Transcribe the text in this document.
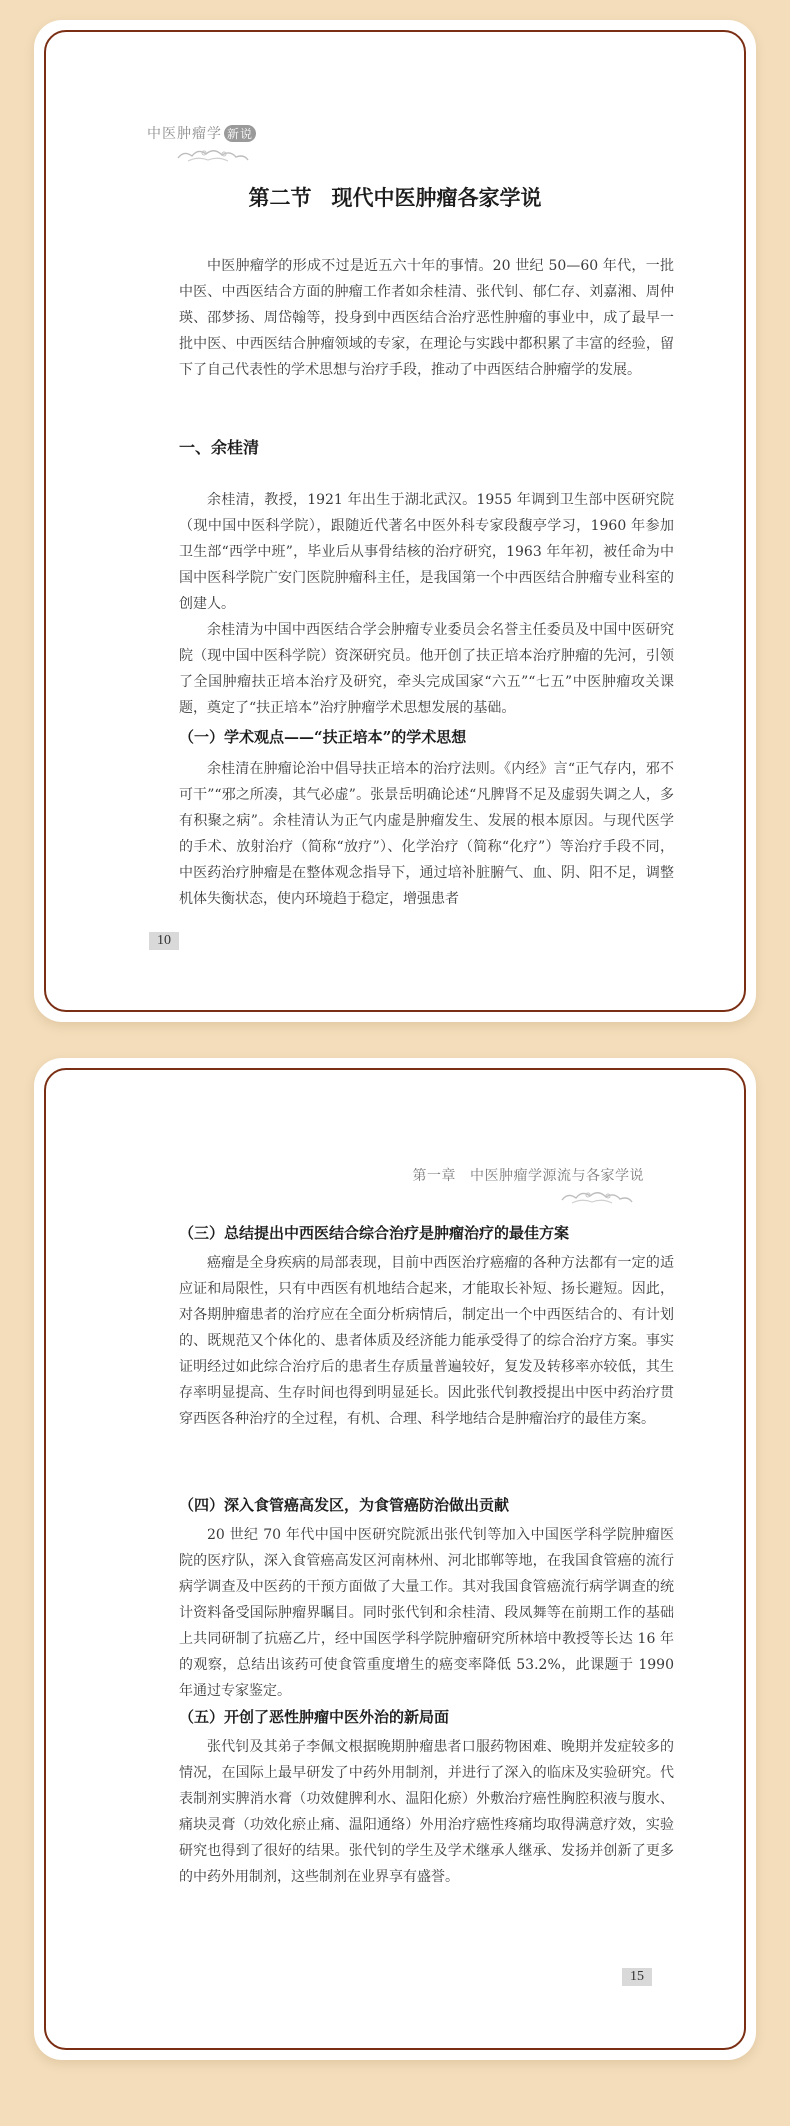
中医肿瘤学 新说
第二节 现代中医肿瘤各家学说

中医肿瘤学的形成不过是近五六十年的事情。20 世纪 50—60 年代，一批中医、中西医结合方面的肿瘤工作者如余桂清、张代钊、郁仁存、刘嘉湘、周仲瑛、邵梦扬、周岱翰等，投身到中西医结合治疗恶性肿瘤的事业中，成了最早一批中医、中西医结合肿瘤领域的专家，在理论与实践中都积累了丰富的经验，留下了自己代表性的学术思想与治疗手段，推动了中西医结合肿瘤学的发展。

一、余桂清

余桂清，教授，1921 年出生于湖北武汉。1955 年调到卫生部中医研究院（现中国中医科学院），跟随近代著名中医外科专家段馥亭学习，1960 年参加卫生部“西学中班”，毕业后从事骨结核的治疗研究，1963 年年初，被任命为中国中医科学院广安门医院肿瘤科主任，是我国第一个中西医结合肿瘤专业科室的创建人。

余桂清为中国中西医结合学会肿瘤专业委员会名誉主任委员及中国中医研究院（现中国中医科学院）资深研究员。他开创了扶正培本治疗肿瘤的先河，引领了全国肿瘤扶正培本治疗及研究，牵头完成国家“六五”“七五”中医肿瘤攻关课题，奠定了“扶正培本”治疗肿瘤学术思想发展的基础。

（一）学术观点——“扶正培本”的学术思想

余桂清在肿瘤论治中倡导扶正培本的治疗法则。《内经》言“正气存内，邪不可干”“邪之所凑，其气必虚”。张景岳明确论述“凡脾肾不足及虚弱失调之人，多有积聚之病”。余桂清认为正气内虚是肿瘤发生、发展的根本原因。与现代医学的手术、放射治疗（简称“放疗”）、化学治疗（简称“化疗”）等治疗手段不同，中医药治疗肿瘤是在整体观念指导下，通过培补脏腑气、血、阴、阳不足，调整机体失衡状态，使内环境趋于稳定，增强患者

10
第一章 中医肿瘤学源流与各家学说
（三）总结提出中西医结合综合治疗是肿瘤治疗的最佳方案

癌瘤是全身疾病的局部表现，目前中西医治疗癌瘤的各种方法都有一定的适应证和局限性，只有中西医有机地结合起来，才能取长补短、扬长避短。因此，对各期肿瘤患者的治疗应在全面分析病情后，制定出一个中西医结合的、有计划的、既规范又个体化的、患者体质及经济能力能承受得了的综合治疗方案。事实证明经过如此综合治疗后的患者生存质量普遍较好，复发及转移率亦较低，其生存率明显提高、生存时间也得到明显延长。因此张代钊教授提出中医中药治疗贯穿西医各种治疗的全过程，有机、合理、科学地结合是肿瘤治疗的最佳方案。

（四）深入食管癌高发区，为食管癌防治做出贡献

20 世纪 70 年代中国中医研究院派出张代钊等加入中国医学科学院肿瘤医院的医疗队，深入食管癌高发区河南林州、河北邯郸等地，在我国食管癌的流行病学调查及中医药的干预方面做了大量工作。其对我国食管癌流行病学调查的统计资料备受国际肿瘤界瞩目。同时张代钊和余桂清、段凤舞等在前期工作的基础上共同研制了抗癌乙片，经中国医学科学院肿瘤研究所林培中教授等长达 16 年的观察，总结出该药可使食管重度增生的癌变率降低 53.2%，此课题于 1990 年通过专家鉴定。

（五）开创了恶性肿瘤中医外治的新局面

张代钊及其弟子李佩文根据晚期肿瘤患者口服药物困难、晚期并发症较多的情况，在国际上最早研发了中药外用制剂，并进行了深入的临床及实验研究。代表制剂实脾消水膏（功效健脾利水、温阳化瘀）外敷治疗癌性胸腔积液与腹水、痛块灵膏（功效化瘀止痛、温阳通络）外用治疗癌性疼痛均取得满意疗效，实验研究也得到了很好的结果。张代钊的学生及学术继承人继承、发扬并创新了更多的中药外用制剂，这些制剂在业界享有盛誉。

15
